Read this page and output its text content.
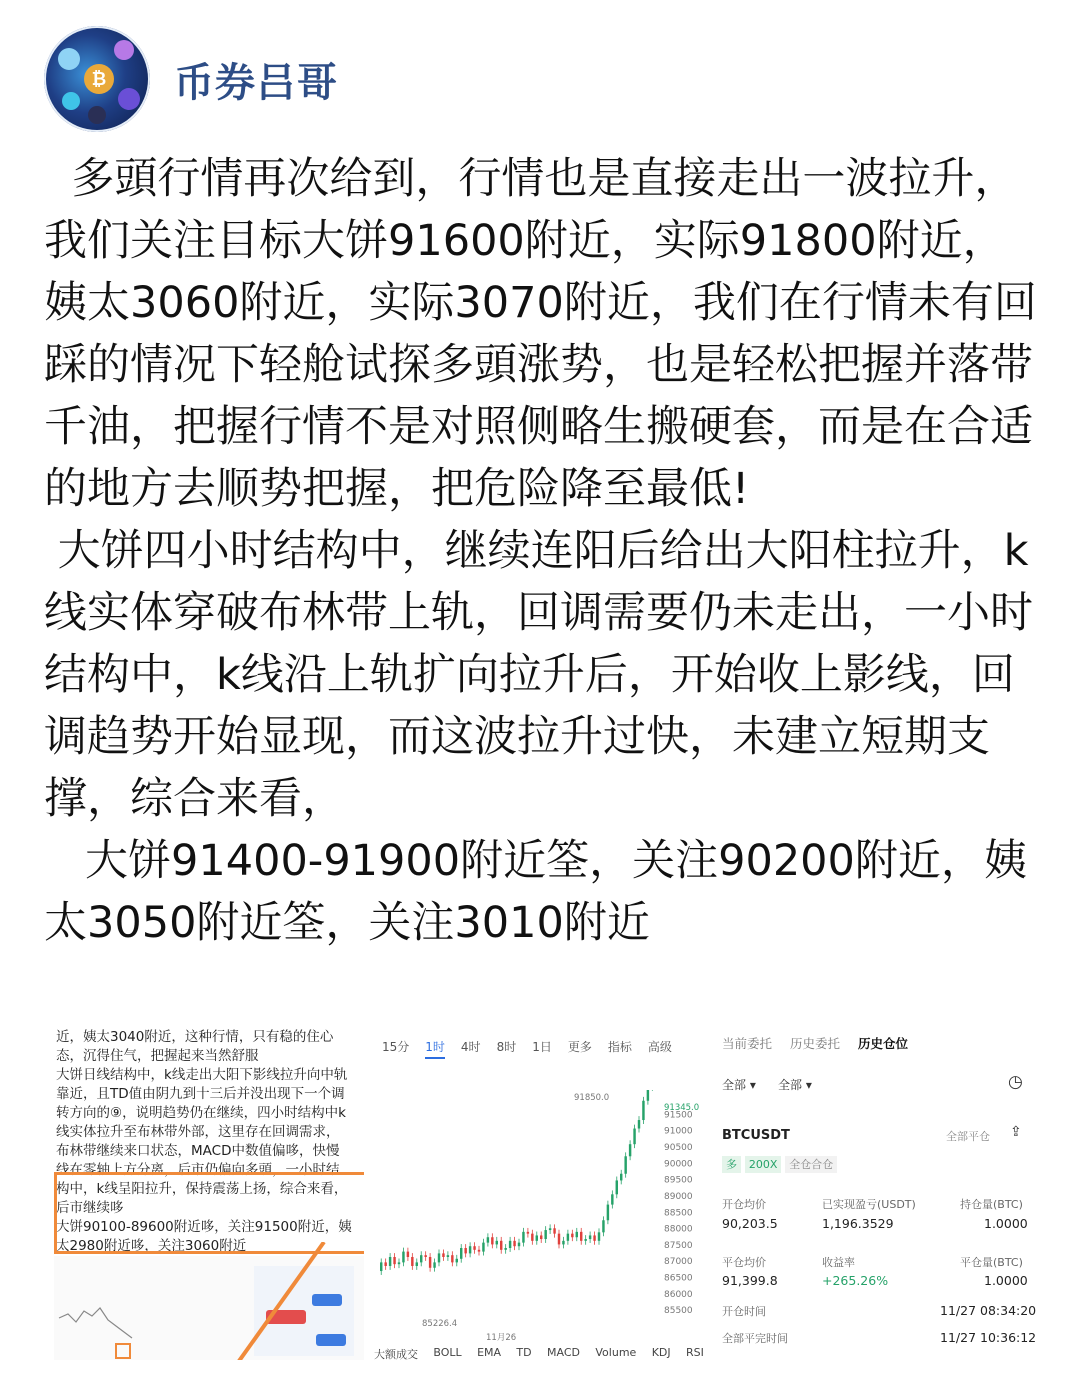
₿ 币券吕哥

多頭行情再次给到，行情也是直接走出一波拉升，我们关注目标大饼91600附近，实际91800附近，姨太3060附近，实际3070附近，我们在行情未有回踩的情况下轻舱试探多頭涨势，也是轻松把握并落带千油，把握行情不是对照侧略生搬硬套，而是在合适的地方去顺势把握，把危险降至最低!

大饼四小时结构中，继续连阳后给出大阳柱拉升，k线实体穿破布林带上轨，回调需要仍未走出，一小时结构中，k线沿上轨扩向拉升后，开始收上影线，回调趋势开始显现，而这波拉升过快，未建立短期支撑，综合来看，

大饼91400-91900附近筌，关注90200附近，姨太3050附近筌，关注3010附近

近，姨太3040附近，这种行情，只有稳的住心
态，沉得住气，把握起来当然舒服
大饼日线结构中，k线走出大阳下影线拉升向中轨
靠近，且TD值由阴九到十三后并没出现下一个调
转方向的⑨，说明趋势仍在继续，四小时结构中k
线实体拉升至布林带外部，这里存在回调需求，
布林带继续来口状态，MACD中数值偏哆，快慢
线在零轴上方分离，后市仍偏向多頭，一小时结
构中，k线呈阳拉升，保持震荡上扬，综合来看，
后市继续哆
大饼90100-89600附近哆，关注91500附近，姨
太2980附近哆，关注3060附近
15分 1时 4时 8时 1日 更多 指标 高级
91500
91000
90500
90000
89500
89000
88500
88000
87500
87000
86500
86000
85500
91850.0
85226.4
11月26
91345.0
大额成交 BOLL EMA TD MACD Volume KDJ RSI
当前委托 历史委托 历史仓位
全部 ▾ 全部 ▾	◷
BTCUSDT	全部平仓 ⇪
多 200X 全仓合仓
开仓均价	已实现盈亏(USDT)	持仓量(BTC)
90,203.5	1,196.3529	1.0000
平仓均价	收益率	平仓量(BTC)
91,399.8	+265.26%	1.0000
开仓时间	11/27 08:34:20
全部平完时间	11/27 10:36:12
